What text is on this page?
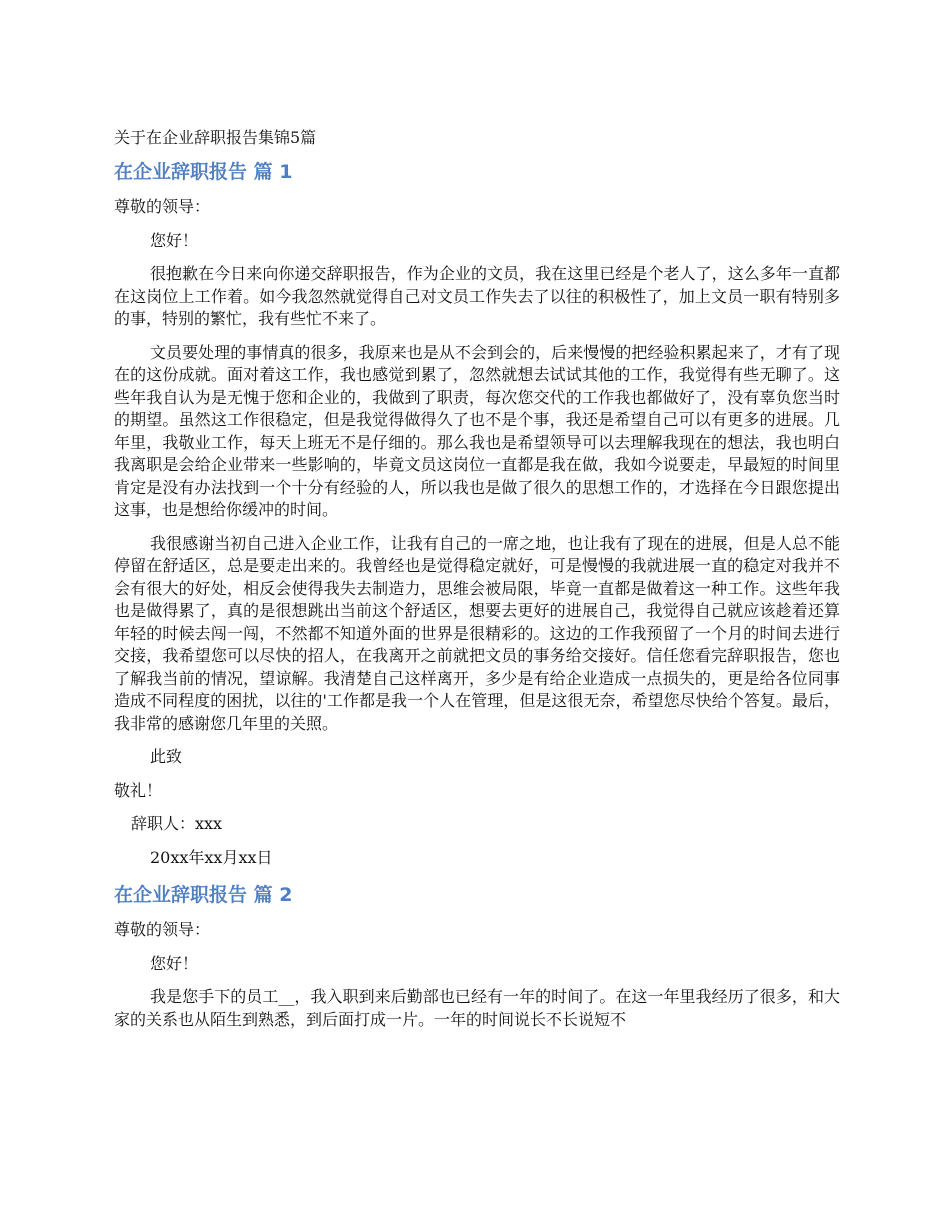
关于在企业辞职报告集锦5篇
在企业辞职报告 篇 1

尊敬的领导：

您好！

很抱歉在今日来向你递交辞职报告，作为企业的文员，我在这里已经是个老人了，这么多年一直都在这岗位上工作着。如今我忽然就觉得自己对文员工作失去了以往的积极性了，加上文员一职有特别多的事，特别的繁忙，我有些忙不来了。

文员要处理的事情真的很多，我原来也是从不会到会的，后来慢慢的把经验积累起来了，才有了现在的这份成就。面对着这工作，我也感觉到累了，忽然就想去试试其他的工作，我觉得有些无聊了。这些年我自认为是无愧于您和企业的，我做到了职责，每次您交代的工作我也都做好了，没有辜负您当时的期望。虽然这工作很稳定，但是我觉得做得久了也不是个事，我还是希望自己可以有更多的进展。几年里，我敬业工作，每天上班无不是仔细的。那么我也是希望领导可以去理解我现在的想法，我也明白我离职是会给企业带来一些影响的，毕竟文员这岗位一直都是我在做，我如今说要走，早最短的时间里肯定是没有办法找到一个十分有经验的人，所以我也是做了很久的思想工作的，才选择在今日跟您提出这事，也是想给你缓冲的时间。

我很感谢当初自己进入企业工作，让我有自己的一席之地，也让我有了现在的进展，但是人总不能停留在舒适区，总是要走出来的。我曾经也是觉得稳定就好，可是慢慢的我就进展一直的稳定对我并不会有很大的好处，相反会使得我失去制造力，思维会被局限，毕竟一直都是做着这一种工作。这些年我也是做得累了，真的是很想跳出当前这个舒适区，想要去更好的进展自己，我觉得自己就应该趁着还算年轻的时候去闯一闯，不然都不知道外面的世界是很精彩的。这边的工作我预留了一个月的时间去进行交接，我希望您可以尽快的招人，在我离开之前就把文员的事务给交接好。信任您看完辞职报告，您也了解我当前的情况，望谅解。我清楚自己这样离开，多少是有给企业造成一点损失的，更是给各位同事造成不同程度的困扰，以往的'工作都是我一个人在管理，但是这很无奈，希望您尽快给个答复。最后，我非常的感谢您几年里的关照。

此致

敬礼！

辞职人：xxx

20xx年xx月xx日

在企业辞职报告 篇 2

尊敬的领导：

您好！

我是您手下的员工__，我入职到来后勤部也已经有一年的时间了。在这一年里我经历了很多，和大家的关系也从陌生到熟悉，到后面打成一片。一年的时间说长不长说短不
